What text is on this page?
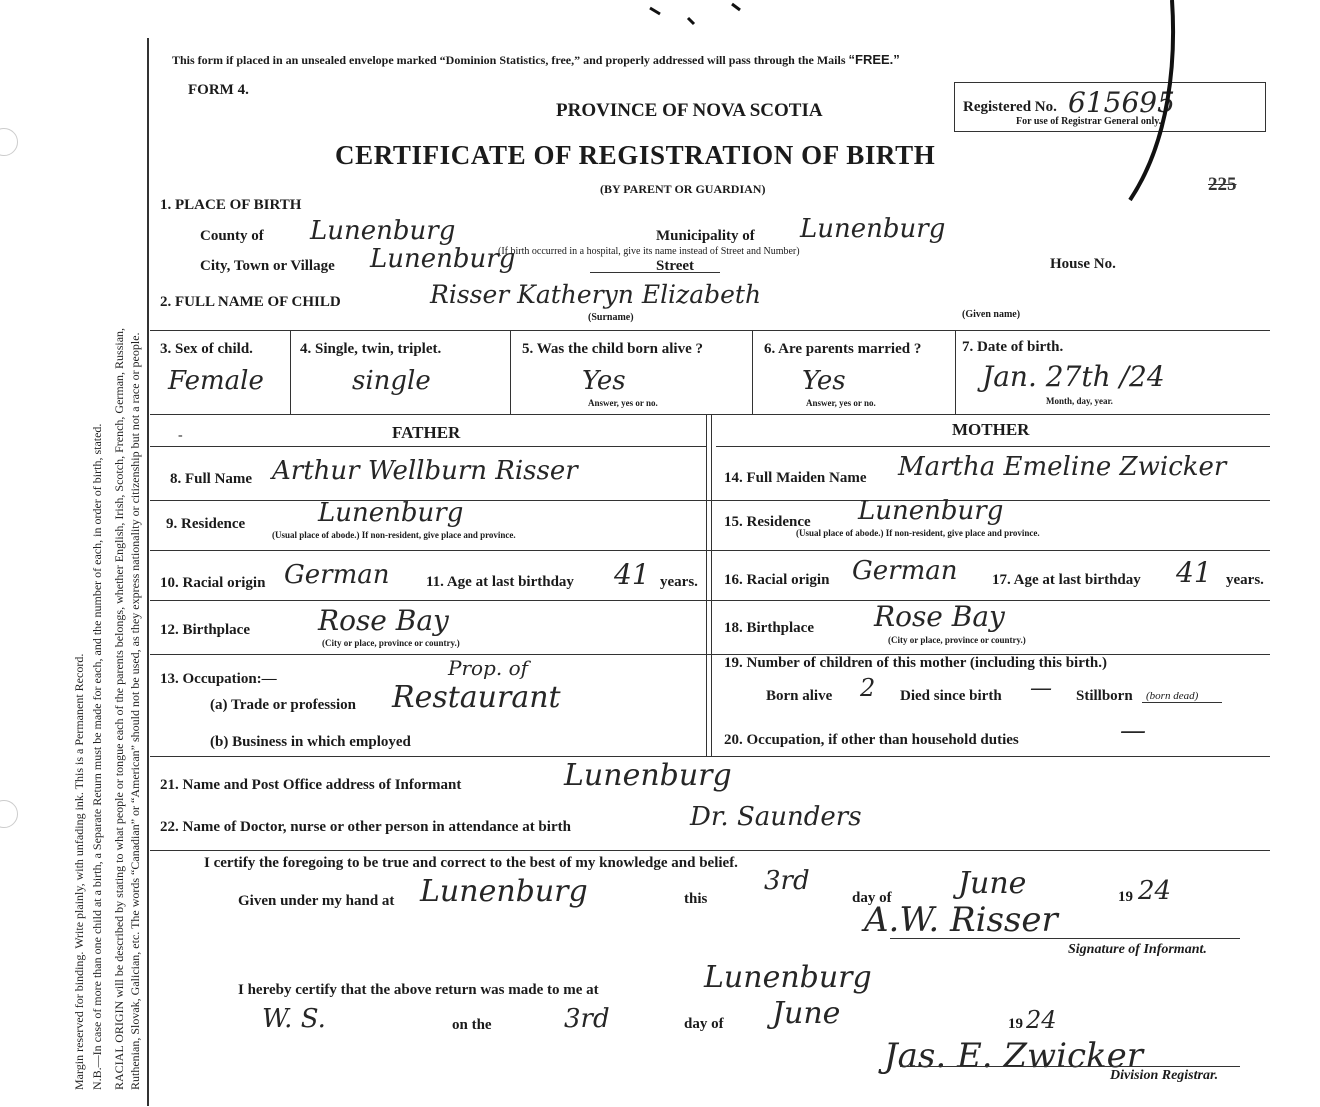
Margin reserved for binding. Write plainly, with unfading ink. This is a Permanent Record. N.B.—In case of more than one child at a birth, a Separate Return must be made for each, and the number of each, in order of birth, stated. RACIAL ORIGIN will be described by stating to what people or tongue each of the parents belongs, whether English, Irish, Scotch, French, German, Russian, Ruthenian, Slovak, Galician, etc. The words “Canadian” or “American” should not be used, as they express nationality or citizenship but not a race or people.
This form if placed in an unsealed envelope marked “Dominion Statistics, free,” and properly addressed will pass through the Mails “FREE.”
FORM 4.
PROVINCE OF NOVA SCOTIA
CERTIFICATE OF REGISTRATION OF BIRTH
(BY PARENT OR GUARDIAN)
Registered No. 615695
For use of Registrar General only.
225
1. PLACE OF BIRTH
County of Lunenburg	Municipality of Lunenburg
City, Town or Village Lunenburg
(If birth occurred in a hospital, give its name instead of Street and Number)
Street	House No.
2. FULL NAME OF CHILD	Risser Katheryn Elizabeth
(Surname)	(Given name)
3. Sex of child.
Female
4. Single, twin, triplet.
single
5. Was the child born alive ?
Yes
Answer, yes or no.
6. Are parents married ?
Yes
Answer, yes or no.
7. Date of birth.
Jan. 27th /24
Month, day, year.
FATHER	MOTHER
-
8. Full Name Arthur Wellburn Risser
9. Residence	Lunenburg
(Usual place of abode.) If non-resident, give place and province.
10. Racial origin German 11. Age at last birthday 41 years.
12. Birthplace Rose Bay
(City or place, province or country.)
13. Occupation:—	Prop. of
(a) Trade or profession Restaurant
(b) Business in which employed
14. Full Maiden Name Martha Emeline Zwicker
15. Residence Lunenburg
(Usual place of abode.) If non-resident, give place and province.
16. Racial origin German 17. Age at last birthday 41 years.
18. Birthplace Rose Bay
(City or place, province or country.)
19. Number of children of this mother (including this birth.)
Born alive 2 Died since birth — Stillborn (born dead)
20. Occupation, if other than household duties	—
21. Name and Post Office address of Informant	Lunenburg
22. Name of Doctor, nurse or other person in attendance at birth	Dr. Saunders
I certify the foregoing to be true and correct to the best of my knowledge and belief.
Given under my hand at Lunenburg	this
3rd
day of June	19 24
A.W. Risser
Signature of Informant.
I hereby certify that the above return was made to me at	Lunenburg
W. S.	on the	3rd	day of June	19 24
Jas. E. Zwicker
Division Registrar.
